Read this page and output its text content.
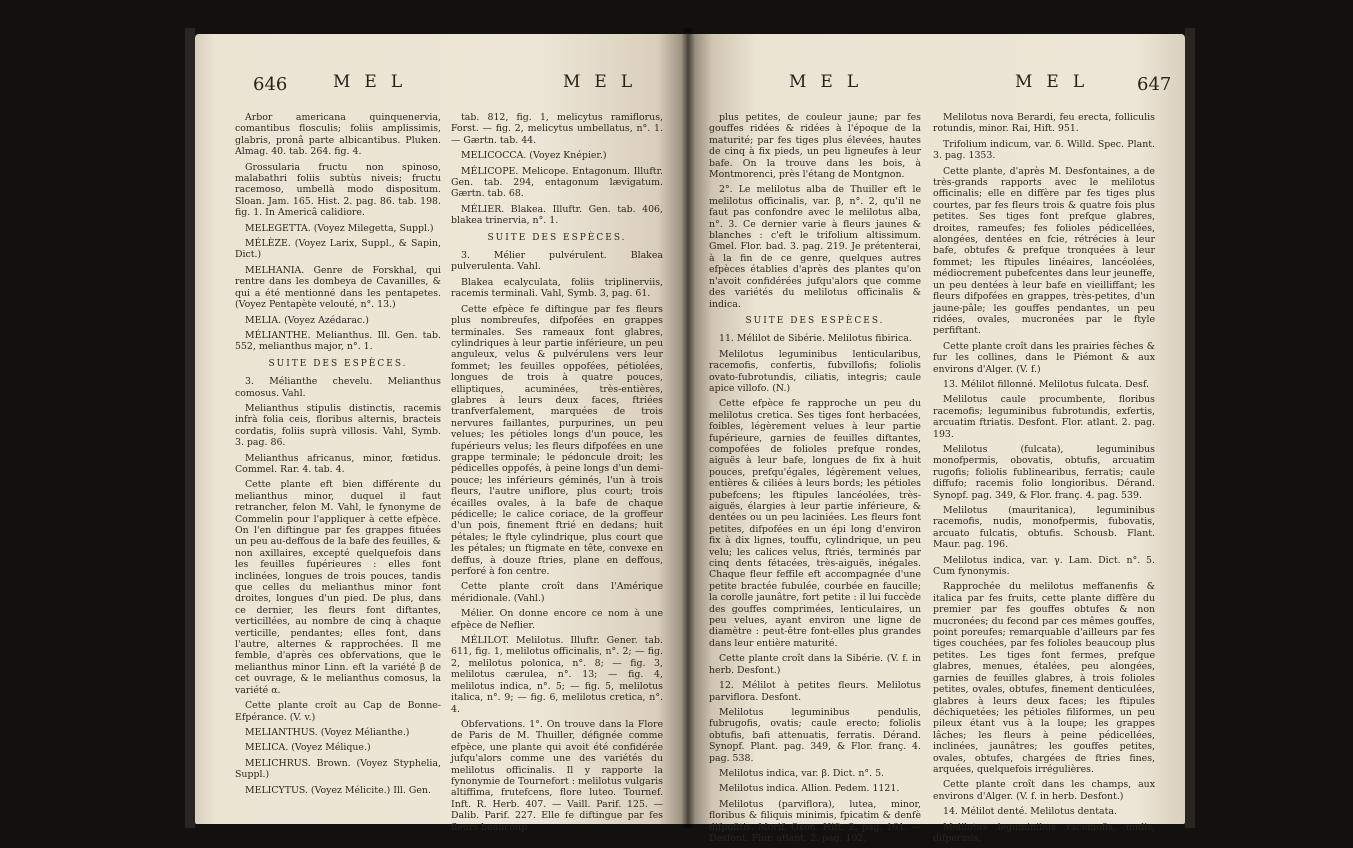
646	MEL	MEL

Arbor americana quinquenervia, comantibus flosculis; foliis amplissimis, glabris, pronâ parte albicantibus. Pluken. Almag. 40. tab. 264. fig. 4.

Grossularia fructu non spinoso, malabathri foliis subtùs niveis; fructu racemoso, umbellà modo dispositum. Sloan. Jam. 165. Hist. 2. pag. 86. tab. 198. fig. 1. In Americâ calidiore.

MELEGETTA. (Voyez Milegetta, Suppl.)

MÉLÈZE. (Voyez Larix, Suppl., & Sapin, Dict.)

MELHANIA. Genre de Forskhal, qui rentre dans les dombeya de Cavanilles, & qui a été mentionné dans les pentapetes. (Voyez Pentapète velouté, n°. 13.)

MELIA. (Voyez Azédarac.)

MÉLIANTHE. Melianthus. Ill. Gen. tab. 552, melianthus major, n°. 1.

SUITE DES ESPÈCES.

3. Mélianthe chevelu. Melianthus comosus. Vahl.

Melianthus stipulis distinctis, racemis infrà folia ceis, floribus alternis, bracteis cordatis, foliis suprà villosis. Vahl, Symb. 3. pag. 86.

Melianthus africanus, minor, fœtidus. Commel. Rar. 4. tab. 4.

Cette plante eft bien différente du melianthus minor, duquel il faut retrancher, felon M. Vahl, le fynonyme de Commelin pour l'appliquer à cette efpèce. On l'en diftingue par fes grappes fituées un peu au-deffous de la bafe des feuilles, & non axillaires, excepté quelquefois dans les feuilles fupérieures : elles font inclinées, longues de trois pouces, tandis que celles du melianthus minor font droites, longues d'un pied. De plus, dans ce dernier, les fleurs font diftantes, verticillées, au nombre de cinq à chaque verticille, pendantes; elles font, dans l'autre, alternes & rapprochées. Il me femble, d'après ces obfervations, que le melianthus minor Linn. eft la variété β de cet ouvrage, & le melianthus comosus, la variété α.

Cette plante croît au Cap de Bonne-Efpérance. (V. v.)

MELIANTHUS. (Voyez Mélianthe.)

MELICA. (Voyez Mélique.)

MELICHRUS. Brown. (Voyez Styphelia, Suppl.)

MELICYTUS. (Voyez Mélicite.) Ill. Gen.

tab. 812, fig. 1, melicytus ramiflorus, Forst. — fig. 2, melicytus umbellatus, n°. 1. — Gærtn. tab. 44.

MELICOCCA. (Voyez Knépier.)

MÉLICOPE. Melicope. Entagonum. Illuftr. Gen. tab. 294, entagonum lævigatum. Gærtn. tab. 68.

MÉLIER. Blakea. Illuftr. Gen. tab. 406, blakea trinervia, n°. 1.

SUITE DES ESPÈCES.

3. Mélier pulvérulent. Blakea pulverulenta. Vahl.

Blakea ecalyculata, foliis triplinerviis, racemis terminali. Vahl, Symb. 3, pag. 61.

Cette efpèce fe diftingue par fes fleurs plus nombreufes, difpofées en grappes terminales. Ses rameaux font glabres, cylindriques à leur partie inférieure, un peu anguleux, velus & pulvérulens vers leur fommet; les feuilles oppofées, pétiolées, longues de trois à quatre pouces, elliptiques, acuminées, très-entières, glabres à leurs deux faces, ftriées tranfverfalement, marquées de trois nervures faillantes, purpurines, un peu velues; les pétioles longs d'un pouce, les fupérieurs velus; les fleurs difpofées en une grappe terminale; le pédoncule droit; les pédicelles oppofés, à peine longs d'un demi-pouce; les inférieurs géminés, l'un à trois fleurs, l'autre uniflore, plus court; trois écailles ovales, à la bafe de chaque pédicelle; le calice coriace, de la groffeur d'un pois, finement ftrié en dedans; huit pétales; le ftyle cylindrique, plus court que les pétales; un ftigmate en tête, convexe en deffus, à douze ftries, plane en deffous, perforé à fon centre.

Cette plante croît dans l'Amérique méridionale. (Vahl.)

Mélier. On donne encore ce nom à une efpèce de Neflier.

MÉLILOT. Melilotus. Illuftr. Gener. tab. 611, fig. 1, melilotus officinalis, n°. 2; — fig. 2, melilotus polonica, n°. 8; — fig. 3, melilotus cærulea, n°. 13; — fig. 4, melilotus indica, n°. 5; — fig. 5, melilotus italica, n°. 9; — fig. 6, melilotus cretica, n°. 4.

Obfervations. 1°. On trouve dans la Flore de Paris de M. Thuiller, défignée comme efpèce, une plante qui avoit été confidérée jufqu'alors comme une des variétés du melilotus officinalis. Il y rapporte la fynonymie de Tournefort : melilotus vulgaris altiffima, frutefcens, flore luteo. Tournef. Inft. R. Herb. 407. — Vaill. Parif. 125. — Dalib. Parif. 227. Elle fe diftingue par fes fleurs beaucoup

MEL	MEL 647

plus petites, de couleur jaune; par fes gouffes ridées & ridées à l'époque de la maturité; par fes tiges plus élevées, hautes de cinq à fix pieds, un peu ligneufes à leur bafe. On la trouve dans les bois, à Montmorenci, près l'étang de Montgnon.

2°. Le melilotus alba de Thuiller eft le melilotus officinalis, var. β, n°. 2, qu'il ne faut pas confondre avec le melilotus alba, n°. 3. Ce dernier varie à fleurs jaunes & blanches : c'eft le trifolium altissimum. Gmel. Flor. bad. 3. pag. 219. Je prétenterai, à la fin de ce genre, quelques autres efpèces établies d'après des plantes qu'on n'avoit confidérées jufqu'alors que comme des variétés du melilotus officinalis & indica.

SUITE DES ESPÈCES.

11. Mélilot de Sibérie. Melilotus fibirica.

Melilotus leguminibus lenticularibus, racemofis, confertis, fubvillofis; foliolis ovato-fubrotundis, ciliatis, integris; caule apice villofo. (N.)

Cette efpèce fe rapproche un peu du melilotus cretica. Ses tiges font herbacées, foibles, légèrement velues à leur partie fupérieure, garnies de feuilles diftantes, compofées de folioles prefque rondes, aiguës à leur bafe, longues de fix à huit pouces, prefqu'égales, légèrement velues, entières & ciliées à leurs bords; les pétioles pubefcens; les ftipules lancéolées, très-aiguës, élargies à leur partie inférieure, & dentées ou un peu laciniées. Les fleurs font petites, difpofées en un épi long d'environ fix à dix lignes, touffu, cylindrique, un peu velu; les calices velus, ftriés, terminés par cinq dents fétacées, très-aiguës, inégales. Chaque fleur feffile eft accompagnée d'une petite bractée fubulée, courbée en faucille; la corolle jaunâtre, fort petite : il lui fuccède des gouffes comprimées, lenticulaires, un peu velues, ayant environ une ligne de diamètre : peut-être font-elles plus grandes dans leur entière maturité.

Cette plante croît dans la Sibérie. (V. f. in herb. Desfont.)

12. Mélilot à petites fleurs. Melilotus parviflora. Desfont.

Melilotus leguminibus pendulis, fubrugofis, ovatis; caule erecto; foliolis obtufis, bafi attenuatis, ferratis. Dérand. Synopf. Plant. pag. 349, & Flor. franç. 4. pag. 538.

Melilotus indica, var. β. Dict. n°. 5.

Melilotus indica. Allion. Pedem. 1121.

Melilotus (parviflora), lutea, minor, floribus & filiquis minimis, fpicatim & denfè difpofitis. Morif. Oxon. Hift. 2. pag. 161. — Desfont. Flor. atlant. 2. pag. 192.

Melilotus nova Berardi, feu erecta, folliculis rotundis, minor. Rai, Hift. 951.

Trifolium indicum, var. δ. Willd. Spec. Plant. 3. pag. 1353.

Cette plante, d'après M. Desfontaines, a de très-grands rapports avec le melilotus officinalis; elle en diffère par fes tiges plus courtes, par fes fleurs trois & quatre fois plus petites. Ses tiges font prefque glabres, droites, rameufes; fes folioles pédicellées, alongées, dentées en fcie, rétrécies à leur bafe, obtufes & prefque tronquées à leur fommet; les ftipules linéaires, lancéolées, médiocrement pubefcentes dans leur jeuneffe, un peu dentées à leur bafe en vieilliffant; les fleurs difpofées en grappes, très-petites, d'un jaune-pâle; les gouffes pendantes, un peu ridées, ovales, mucronées par le ftyle perfiftant.

Cette plante croît dans les prairies fèches & fur les collines, dans le Piémont & aux environs d'Alger. (V. f.)

13. Mélilot fillonné. Melilotus fulcata. Desf.

Melilotus caule procumbente, floribus racemofis; leguminibus fubrotundis, exfertis, arcuatim ftriatis. Desfont. Flor. atlant. 2. pag. 193.

Melilotus (fulcata), leguminibus monofpermis, obovatis, obtufis, arcuatim rugofis; foliolis fublinearibus, ferratis; caule diffufo; racemis folio longioribus. Dérand. Synopf. pag. 349, & Flor. franç. 4. pag. 539.

Melilotus (mauritanica), leguminibus racemofis, nudis, monofpermis, fubovatis, arcuato fulcatis, obtufis. Schousb. Flant. Maur. pag. 196.

Melilotus indica, var. γ. Lam. Dict. n°. 5. Cum fynonymis.

Rapprochée du melilotus meffanenfis & italica par fes fruits, cette plante diffère du premier par fes gouffes obtufes & non mucronées; du fecond par ces mêmes gouffes, point poreufes; remarquable d'ailleurs par fes tiges couchées, par fes folioles beaucoup plus petites. Les tiges font fermes, prefque glabres, menues, étalées, peu alongées, garnies de feuilles glabres, à trois folioles petites, ovales, obtufes, finement denticulées, glabres à leurs deux faces; les ftipules déchiquetées; les pétioles filiformes, un peu pileux étant vus à la loupe; les grappes lâches; les fleurs à peine pédicellées, inclinées, jaunâtres; les gouffes petites, ovales, obtufes, chargées de ftries fines, arquées, quelquefois irrégulières.

Cette plante croît dans les champs, aux environs d'Alger. (V. f. in herb. Desfont.)

14. Mélilot denté. Melilotus dentata.

Melilotus leguminibus racemofis, nudis, difpermis,
